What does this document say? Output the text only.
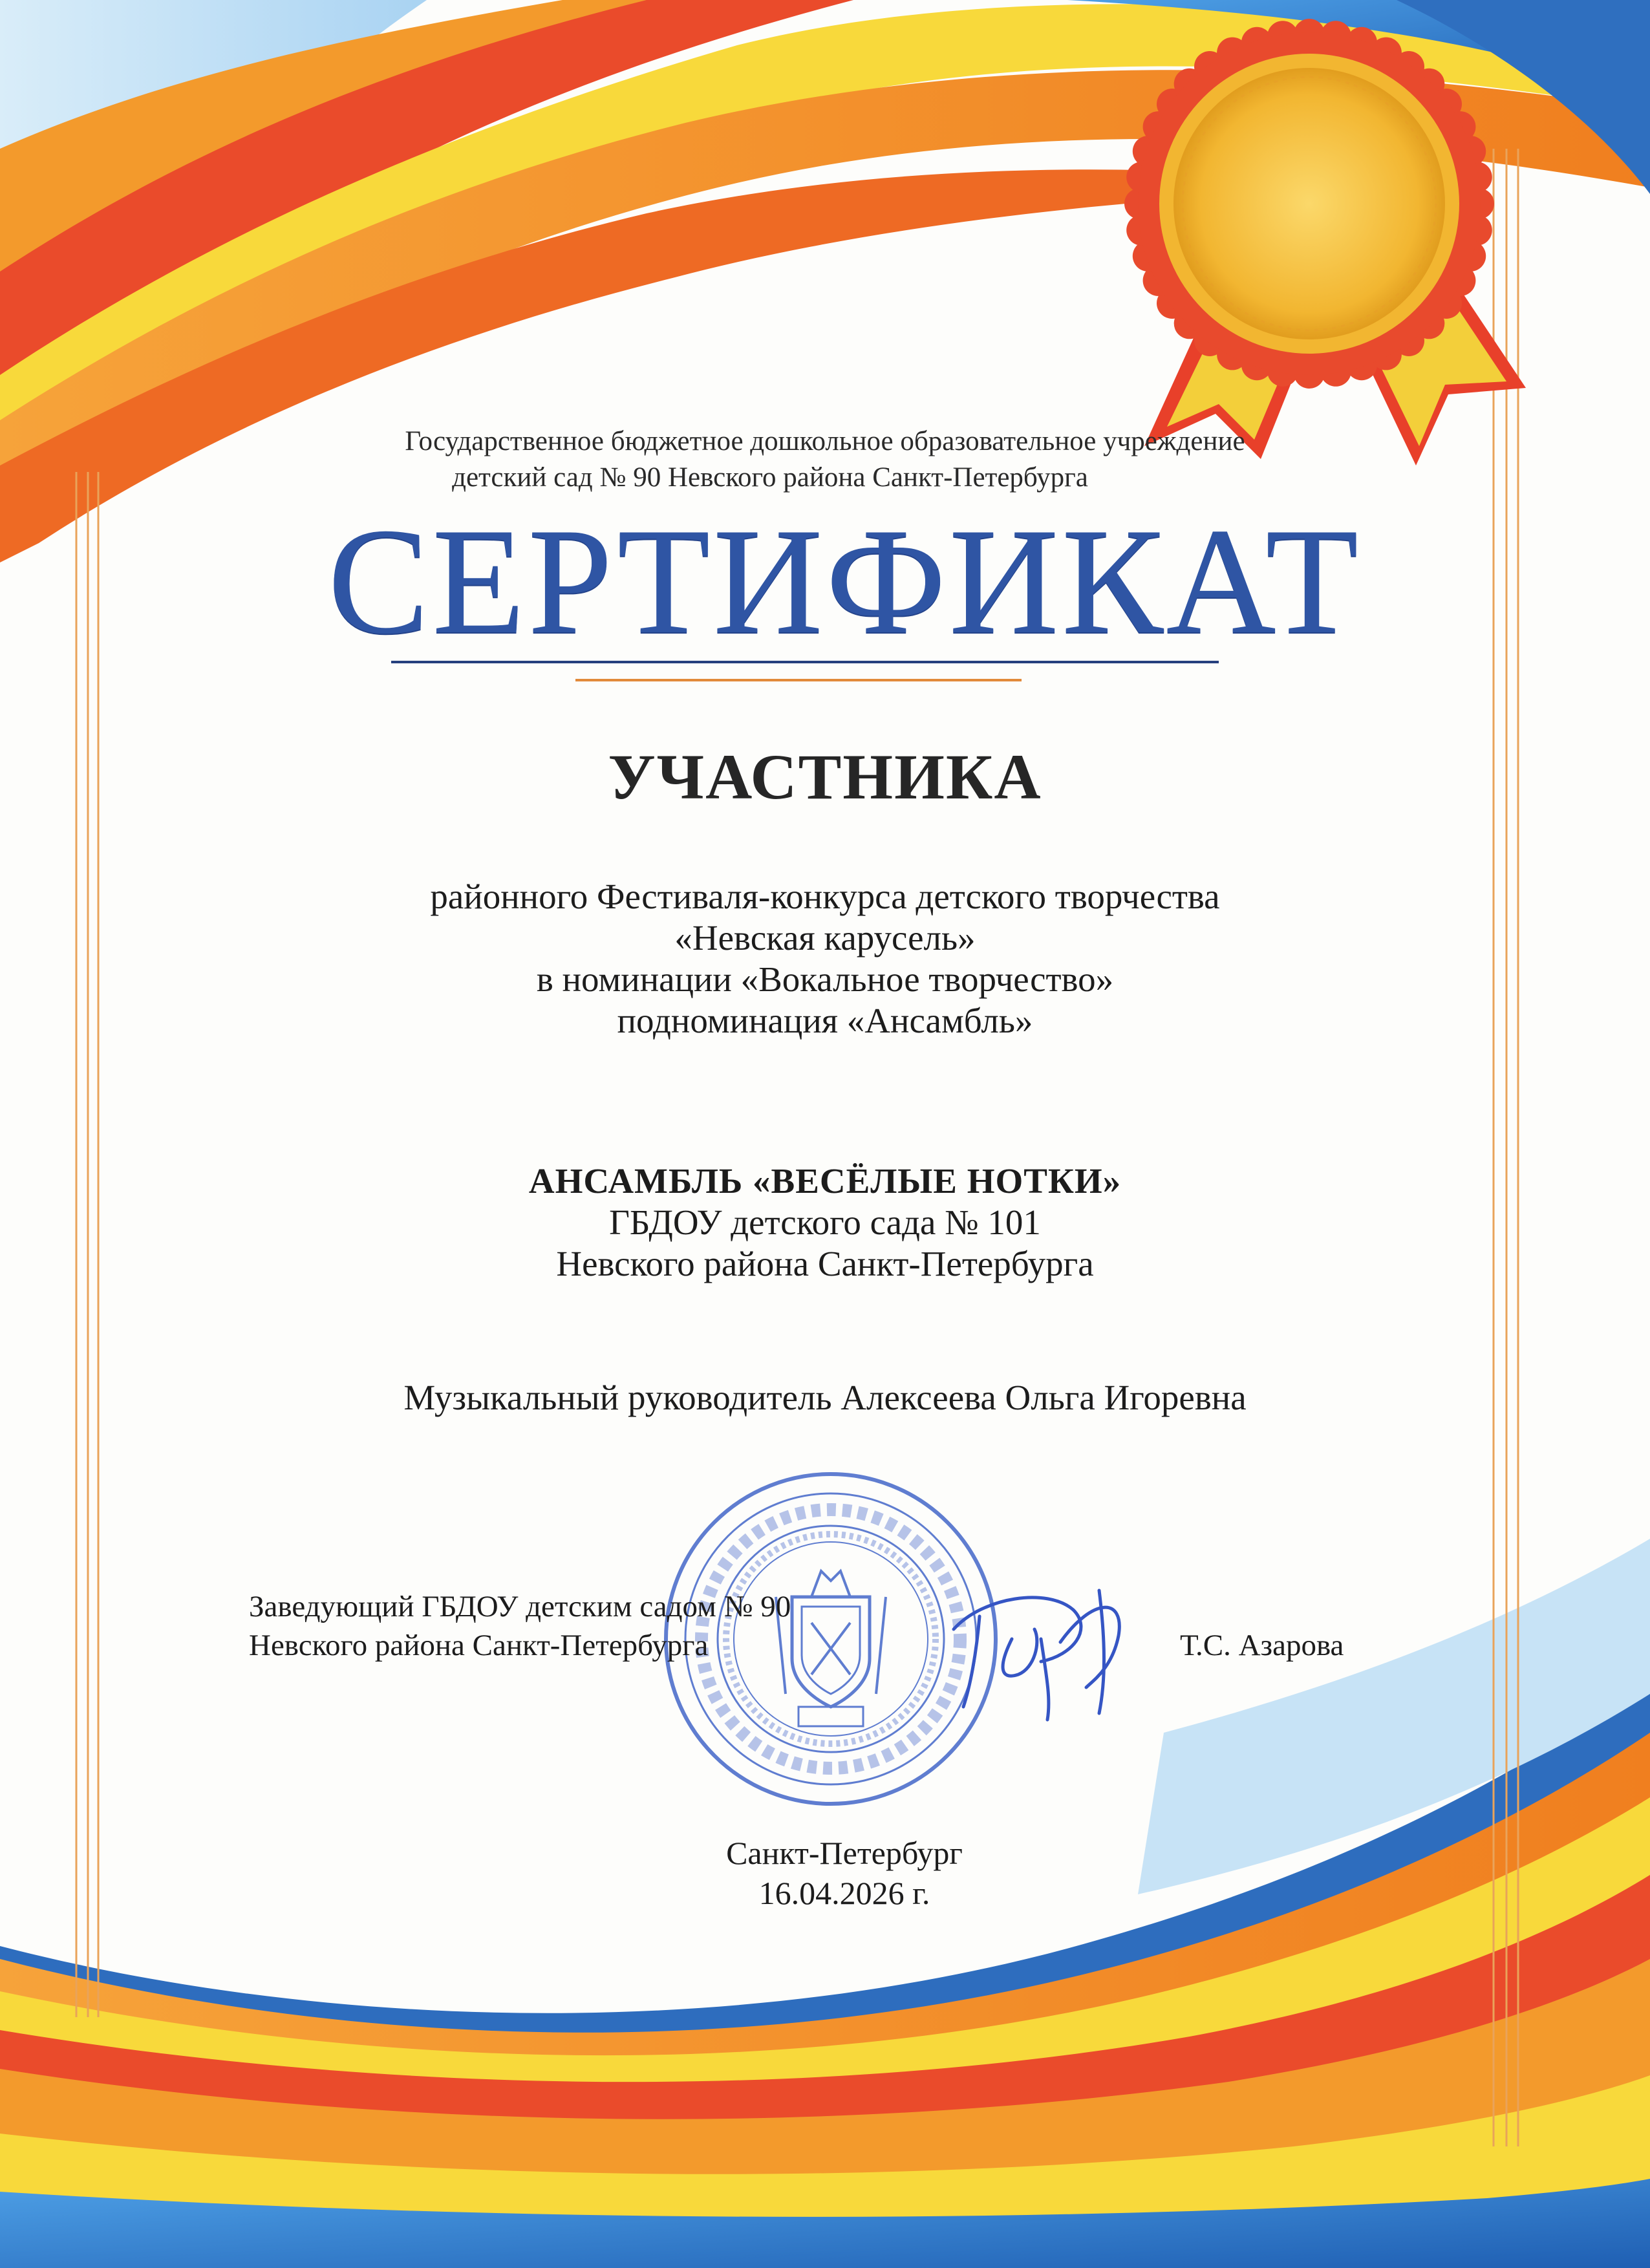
Государственное бюджетное дошкольное образовательное учреждение

детский сад № 90 Невского района Санкт-Петербурга
СЕРТИФИКАТ
УЧАСТНИКА
районного Фестиваля-конкурса детского творчества
«Невская карусель»
в номинации «Вокальное творчество»
подноминация «Ансамбль»
АНСАМБЛЬ «ВЕСЁЛЫЕ НОТКИ»
ГБДОУ детского сада № 101
Невского района Санкт-Петербурга
Музыкальный руководитель Алексеева Ольга Игоревна
Заведующий ГБДОУ детским садом № 90
Невского района Санкт-Петербурга	Т.С. Азарова
Санкт-Петербург
16.04.2026 г.
